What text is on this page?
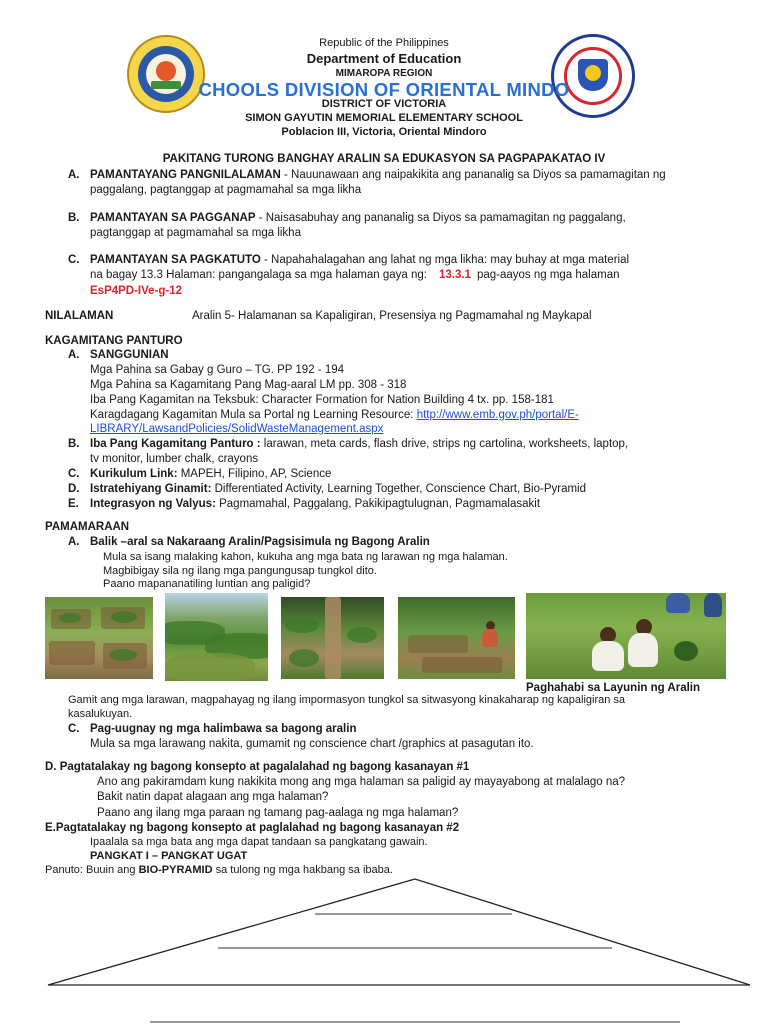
Republic of the Philippines
Department of Education
MIMAROPA REGION
CHOOLS DIVISION OF ORIENTAL MINDO
DISTRICT OF VICTORIA
SIMON GAYUTIN MEMORIAL ELEMENTARY SCHOOL
Poblacion III, Victoria, Oriental Mindoro
PAKITANG TURONG BANGHAY ARALIN SA EDUKASYON SA PAGPAPAKATAO IV
A. PAMANTAYANG PANGNILALAMAN - Nauunawaan ang naipakikita ang pananalig sa Diyos sa pamamagitan ng
paggalang, pagtanggap at pagmamahal sa mga likha
B. PAMANTAYAN SA PAGGANAP - Naisasabuhay ang pananalig sa Diyos sa pamamagitan ng paggalang,
pagtanggap at pagmamahal sa mga likha
C. PAMANTAYAN SA PAGKATUTO - Napahahalagahan ang lahat ng mga likha: may buhay at mga material
na bagay 13.3 Halaman: pangangalaga sa mga halaman gaya ng: 13.3.1 pag-aayos ng mga halaman
EsP4PD-IVe-g-12
NILALAMAN	Aralin 5- Halamanan sa Kapaligiran, Presensiya ng Pagmamahal ng Maykapal
KAGAMITANG PANTURO
A. SANGGUNIAN
Mga Pahina sa Gabay g Guro – TG. PP 192 - 194
Mga Pahina sa Kagamitang Pang Mag-aaral LM pp. 308 - 318
Iba Pang Kagamitan na Teksbuk: Character Formation for Nation Building 4 tx. pp. 158-181
Karagdagang Kagamitan Mula sa Portal ng Learning Resource: http://www.emb.gov.ph/portal/E-
LIBRARY/LawsandPolicies/SolidWasteManagement.aspx
B. Iba Pang Kagamitang Panturo : larawan, meta cards, flash drive, strips ng cartolina, worksheets, laptop,
tv monitor, lumber chalk, crayons
C. Kurikulum Link: MAPEH, Filipino, AP, Science
D. Istratehiyang Ginamit: Differentiated Activity, Learning Together, Conscience Chart, Bio-Pyramid
E. Integrasyon ng Valyus: Pagmamahal, Paggalang, Pakikipagtulugnan, Pagmamalasakit
PAMAMARAAN
A. Balik –aral sa Nakaraang Aralin/Pagsisimula ng Bagong Aralin
Mula sa isang malaking kahon, kukuha ang mga bata ng larawan ng mga halaman.
Magbibigay sila ng ilang mga pangungusap tungkol dito.
Paano mapananatiling luntian ang paligid?
Paghahabi sa Layunin ng Aralin
Gamit ang mga larawan, magpahayag ng ilang impormasyon tungkol sa sitwasyong kinakaharap ng kapaligiran sa
kasalukuyan.
C. Pag-uugnay ng mga halimbawa sa bagong aralin
Mula sa mga larawang nakita, gumamit ng conscience chart /graphics at pasagutan ito.
D. Pagtatalakay ng bagong konsepto at pagalalahad ng bagong kasanayan #1
Ano ang pakiramdam kung nakikita mong ang mga halaman sa paligid ay mayayabong at malalago na?
Bakit natin dapat alagaan ang mga halaman?
Paano ang ilang mga paraan ng tamang pag-aalaga ng mga halaman?
E.Pagtatalakay ng bagong konsepto at paglalahad ng bagong kasanayan #2
Ipaalala sa mga bata ang mga dapat tandaan sa pangkatang gawain.
PANGKAT I – PANGKAT UGAT
Panuto: Buuin ang BIO-PYRAMID sa tulong ng mga hakbang sa ibaba.
